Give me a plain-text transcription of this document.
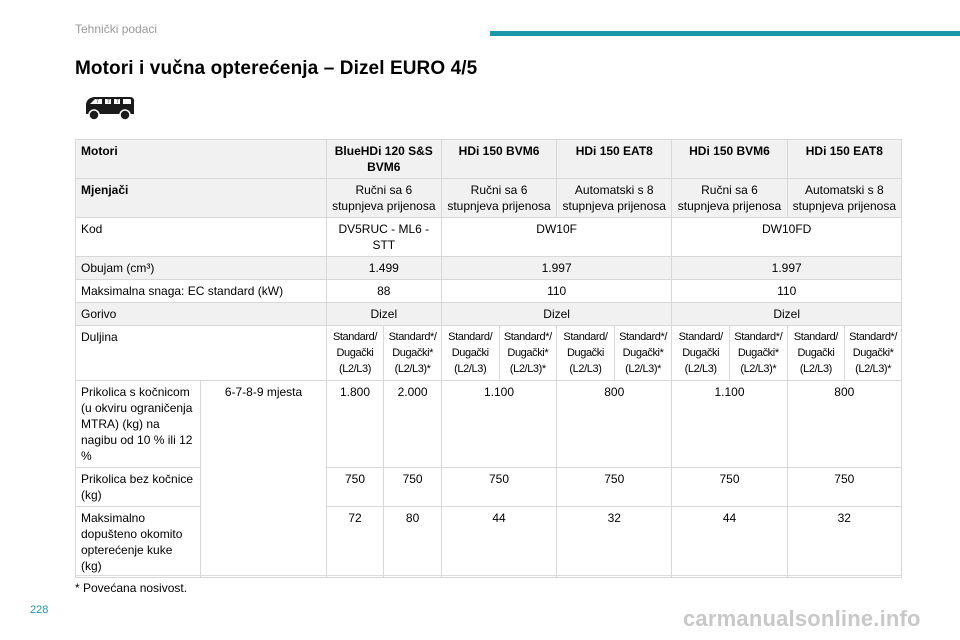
Tehnički podaci
Motori i vučna opterećenja – Dizel EURO 4/5
7 7 7
Motori		BlueHDi 120 S&S BVM6		HDi 150 BVM6		HDi 150 EAT8		HDi 150 BVM6		HDi 150 EAT8	
Mjenjači		Ručni sa 6 stupnjeva prijenosa		Ručni sa 6 stupnjeva prijenosa		Automatski s 8 stupnjeva prijenosa		Ručni sa 6 stupnjeva prijenosa		Automatski s 8 stupnjeva prijenosa	
Kod		DV5RUC - ML6 - STT		DW10F				DW10FD			
Obujam (cm³)		1.499		1.997				1.997			
Maksimalna snaga: EC standard (kW)		88		110				110			
Gorivo		Dizel		Dizel				Dizel			
Duljina		Standard/ Dugački (L2/L3)	Standard*/ Dugački* (L2/L3)*	Standard/ Dugački (L2/L3)	Standard*/ Dugački* (L2/L3)*	Standard/ Dugački (L2/L3)	Standard*/ Dugački* (L2/L3)*	Standard/ Dugački (L2/L3)	Standard*/ Dugački* (L2/L3)*	Standard/ Dugački (L2/L3)	Standard*/ Dugački* (L2/L3)*
Prikolica s kočnicom (u okviru ograničenja MTRA) (kg) na nagibu od 10 % ili 12 %	6-7-8-9 mjesta	1.800	2.000	1.100		800		1.100		800	
Prikolica bez kočnice (kg)		750	750	750		750		750		750	
Maksimalno dopušteno okomito opterećenje kuke (kg)		72	80	44		32		44		32	
* Povećana nosivost.
228	carmanualsonline.info
